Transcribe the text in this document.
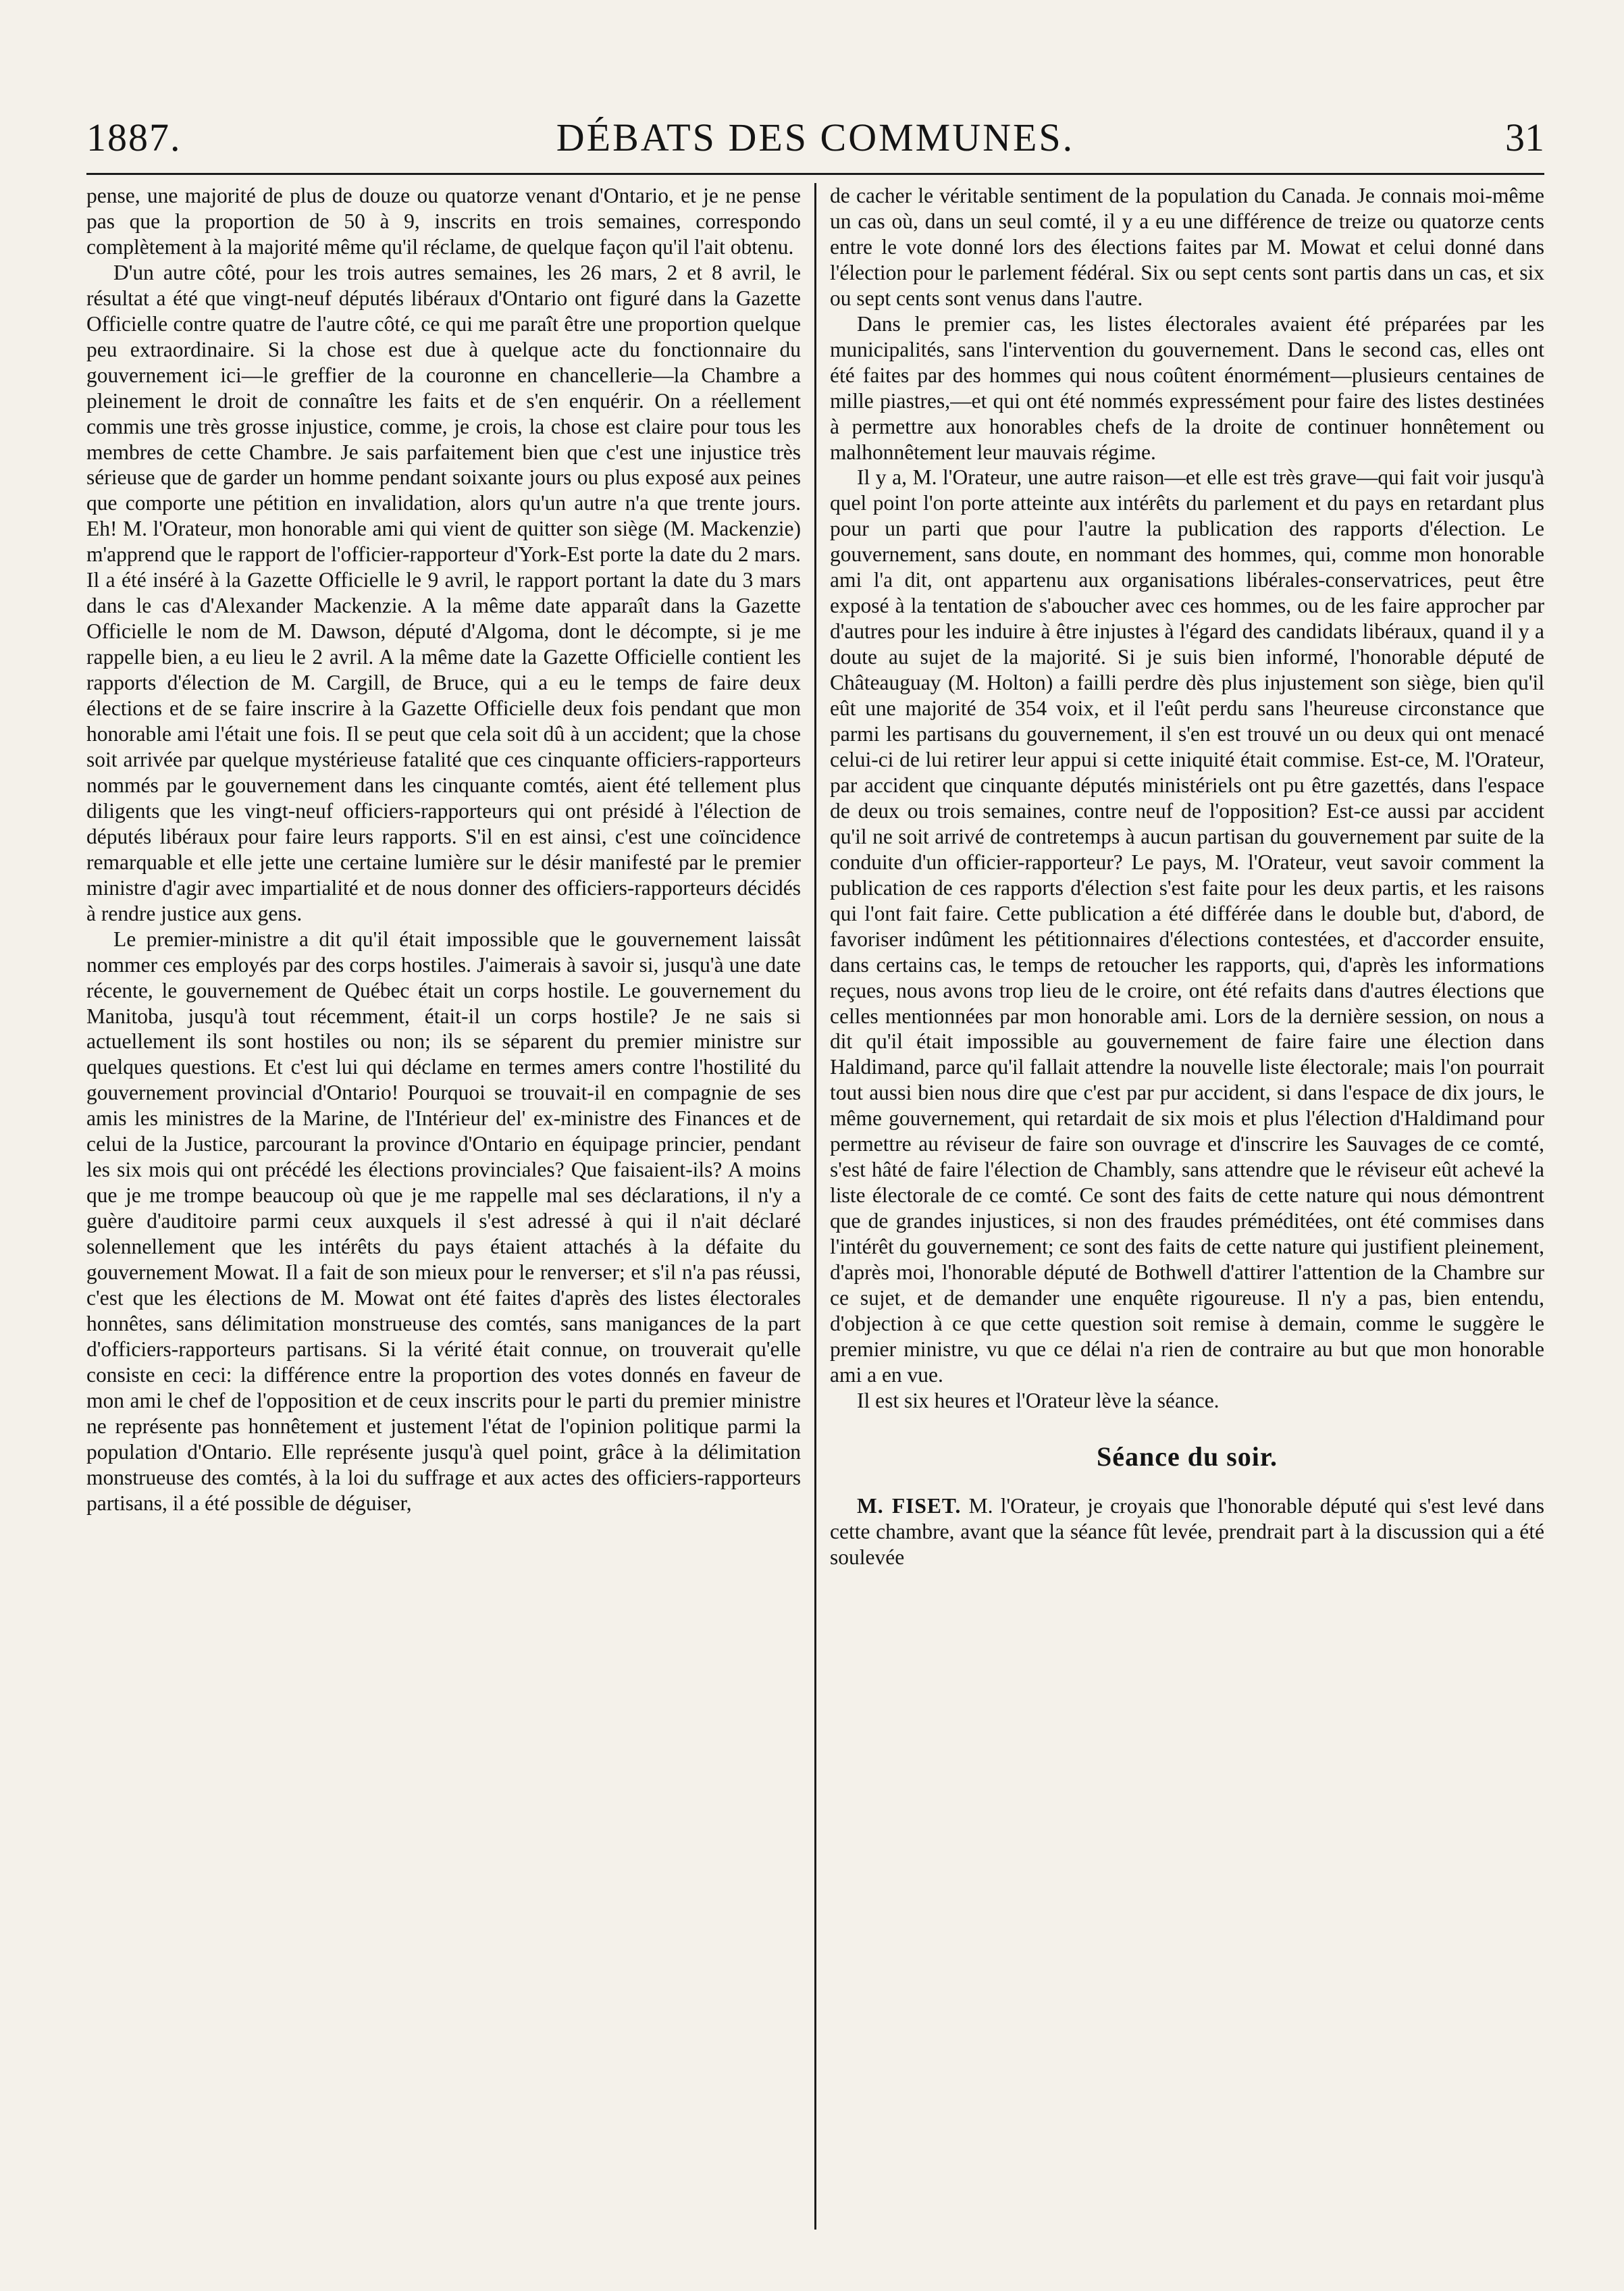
1887.	DÉBATS DES COMMUNES.	31

pense, une majorité de plus de douze ou quatorze venant d'Ontario, et je ne pense pas que la proportion de 50 à 9, inscrits en trois semaines, correspondo complètement à la majorité même qu'il réclame, de quelque façon qu'il l'ait obtenu.

D'un autre côté, pour les trois autres semaines, les 26 mars, 2 et 8 avril, le résultat a été que vingt-neuf députés libéraux d'Ontario ont figuré dans la Gazette Officielle contre quatre de l'autre côté, ce qui me paraît être une proportion quelque peu extraordinaire. Si la chose est due à quelque acte du fonctionnaire du gouvernement ici—le greffier de la couronne en chancellerie—la Chambre a pleinement le droit de connaître les faits et de s'en enquérir. On a réellement commis une très grosse injustice, comme, je crois, la chose est claire pour tous les membres de cette Chambre. Je sais parfaitement bien que c'est une injustice très sérieuse que de garder un homme pendant soixante jours ou plus exposé aux peines que comporte une pétition en invalidation, alors qu'un autre n'a que trente jours. Eh! M. l'Orateur, mon honorable ami qui vient de quitter son siège (M. Mackenzie) m'apprend que le rapport de l'officier-rapporteur d'York-Est porte la date du 2 mars. Il a été inséré à la Gazette Officielle le 9 avril, le rapport portant la date du 3 mars dans le cas d'Alexander Mackenzie. A la même date apparaît dans la Gazette Officielle le nom de M. Dawson, député d'Algoma, dont le décompte, si je me rappelle bien, a eu lieu le 2 avril. A la même date la Gazette Officielle contient les rapports d'élection de M. Cargill, de Bruce, qui a eu le temps de faire deux élections et de se faire inscrire à la Gazette Officielle deux fois pendant que mon honorable ami l'était une fois. Il se peut que cela soit dû à un accident; que la chose soit arrivée par quelque mystérieuse fatalité que ces cinquante officiers-rapporteurs nommés par le gouvernement dans les cinquante comtés, aient été tellement plus diligents que les vingt-neuf officiers-rapporteurs qui ont présidé à l'élection de députés libéraux pour faire leurs rapports. S'il en est ainsi, c'est une coïncidence remarquable et elle jette une certaine lumière sur le désir manifesté par le premier ministre d'agir avec impartialité et de nous donner des officiers-rapporteurs décidés à rendre justice aux gens.

Le premier-ministre a dit qu'il était impossible que le gouvernement laissât nommer ces employés par des corps hostiles. J'aimerais à savoir si, jusqu'à une date récente, le gouvernement de Québec était un corps hostile. Le gouvernement du Manitoba, jusqu'à tout récemment, était-il un corps hostile? Je ne sais si actuellement ils sont hostiles ou non; ils se séparent du premier ministre sur quelques questions. Et c'est lui qui déclame en termes amers contre l'hostilité du gouvernement provincial d'Ontario! Pourquoi se trouvait-il en compagnie de ses amis les ministres de la Marine, de l'Intérieur del' ex-ministre des Finances et de celui de la Justice, parcourant la province d'Ontario en équipage princier, pendant les six mois qui ont précédé les élections provinciales? Que faisaient-ils? A moins que je me trompe beaucoup où que je me rappelle mal ses déclarations, il n'y a guère d'auditoire parmi ceux auxquels il s'est adressé à qui il n'ait déclaré solennellement que les intérêts du pays étaient attachés à la défaite du gouvernement Mowat. Il a fait de son mieux pour le renverser; et s'il n'a pas réussi, c'est que les élections de M. Mowat ont été faites d'après des listes électorales honnêtes, sans délimitation monstrueuse des comtés, sans manigances de la part d'officiers-rapporteurs partisans. Si la vérité était connue, on trouverait qu'elle consiste en ceci: la différence entre la proportion des votes donnés en faveur de mon ami le chef de l'opposition et de ceux inscrits pour le parti du premier ministre ne représente pas honnêtement et justement l'état de l'opinion politique parmi la population d'Ontario. Elle représente jusqu'à quel point, grâce à la délimitation monstrueuse des comtés, à la loi du suffrage et aux actes des officiers-rapporteurs partisans, il a été possible de déguiser,

de cacher le véritable sentiment de la population du Canada. Je connais moi-même un cas où, dans un seul comté, il y a eu une différence de treize ou quatorze cents entre le vote donné lors des élections faites par M. Mowat et celui donné dans l'élection pour le parlement fédéral. Six ou sept cents sont partis dans un cas, et six ou sept cents sont venus dans l'autre.

Dans le premier cas, les listes électorales avaient été préparées par les municipalités, sans l'intervention du gouvernement. Dans le second cas, elles ont été faites par des hommes qui nous coûtent énormément—plusieurs centaines de mille piastres,—et qui ont été nommés expressément pour faire des listes destinées à permettre aux honorables chefs de la droite de continuer honnêtement ou malhonnêtement leur mauvais régime.

Il y a, M. l'Orateur, une autre raison—et elle est très grave—qui fait voir jusqu'à quel point l'on porte atteinte aux intérêts du parlement et du pays en retardant plus pour un parti que pour l'autre la publication des rapports d'élection. Le gouvernement, sans doute, en nommant des hommes, qui, comme mon honorable ami l'a dit, ont appartenu aux organisations libérales-conservatrices, peut être exposé à la tentation de s'aboucher avec ces hommes, ou de les faire approcher par d'autres pour les induire à être injustes à l'égard des candidats libéraux, quand il y a doute au sujet de la majorité. Si je suis bien informé, l'honorable député de Châteauguay (M. Holton) a failli perdre dès plus injustement son siège, bien qu'il eût une majorité de 354 voix, et il l'eût perdu sans l'heureuse circonstance que parmi les partisans du gouvernement, il s'en est trouvé un ou deux qui ont menacé celui-ci de lui retirer leur appui si cette iniquité était commise. Est-ce, M. l'Orateur, par accident que cinquante députés ministériels ont pu être gazettés, dans l'espace de deux ou trois semaines, contre neuf de l'opposition? Est-ce aussi par accident qu'il ne soit arrivé de contretemps à aucun partisan du gouvernement par suite de la conduite d'un officier-rapporteur? Le pays, M. l'Orateur, veut savoir comment la publication de ces rapports d'élection s'est faite pour les deux partis, et les raisons qui l'ont fait faire. Cette publication a été différée dans le double but, d'abord, de favoriser indûment les pétitionnaires d'élections contestées, et d'accorder ensuite, dans certains cas, le temps de retoucher les rapports, qui, d'après les informations reçues, nous avons trop lieu de le croire, ont été refaits dans d'autres élections que celles mentionnées par mon honorable ami. Lors de la dernière session, on nous a dit qu'il était impossible au gouvernement de faire faire une élection dans Haldimand, parce qu'il fallait attendre la nouvelle liste électorale; mais l'on pourrait tout aussi bien nous dire que c'est par pur accident, si dans l'espace de dix jours, le même gouvernement, qui retardait de six mois et plus l'élection d'Haldimand pour permettre au réviseur de faire son ouvrage et d'inscrire les Sauvages de ce comté, s'est hâté de faire l'élection de Chambly, sans attendre que le réviseur eût achevé la liste électorale de ce comté. Ce sont des faits de cette nature qui nous démontrent que de grandes injustices, si non des fraudes préméditées, ont été commises dans l'intérêt du gouvernement; ce sont des faits de cette nature qui justifient pleinement, d'après moi, l'honorable député de Bothwell d'attirer l'attention de la Chambre sur ce sujet, et de demander une enquête rigoureuse. Il n'y a pas, bien entendu, d'objection à ce que cette question soit remise à demain, comme le suggère le premier ministre, vu que ce délai n'a rien de contraire au but que mon honorable ami a en vue.

Il est six heures et l'Orateur lève la séance.

Séance du soir.

M. FISET. M. l'Orateur, je croyais que l'honorable député qui s'est levé dans cette chambre, avant que la séance fût levée, prendrait part à la discussion qui a été soulevée
